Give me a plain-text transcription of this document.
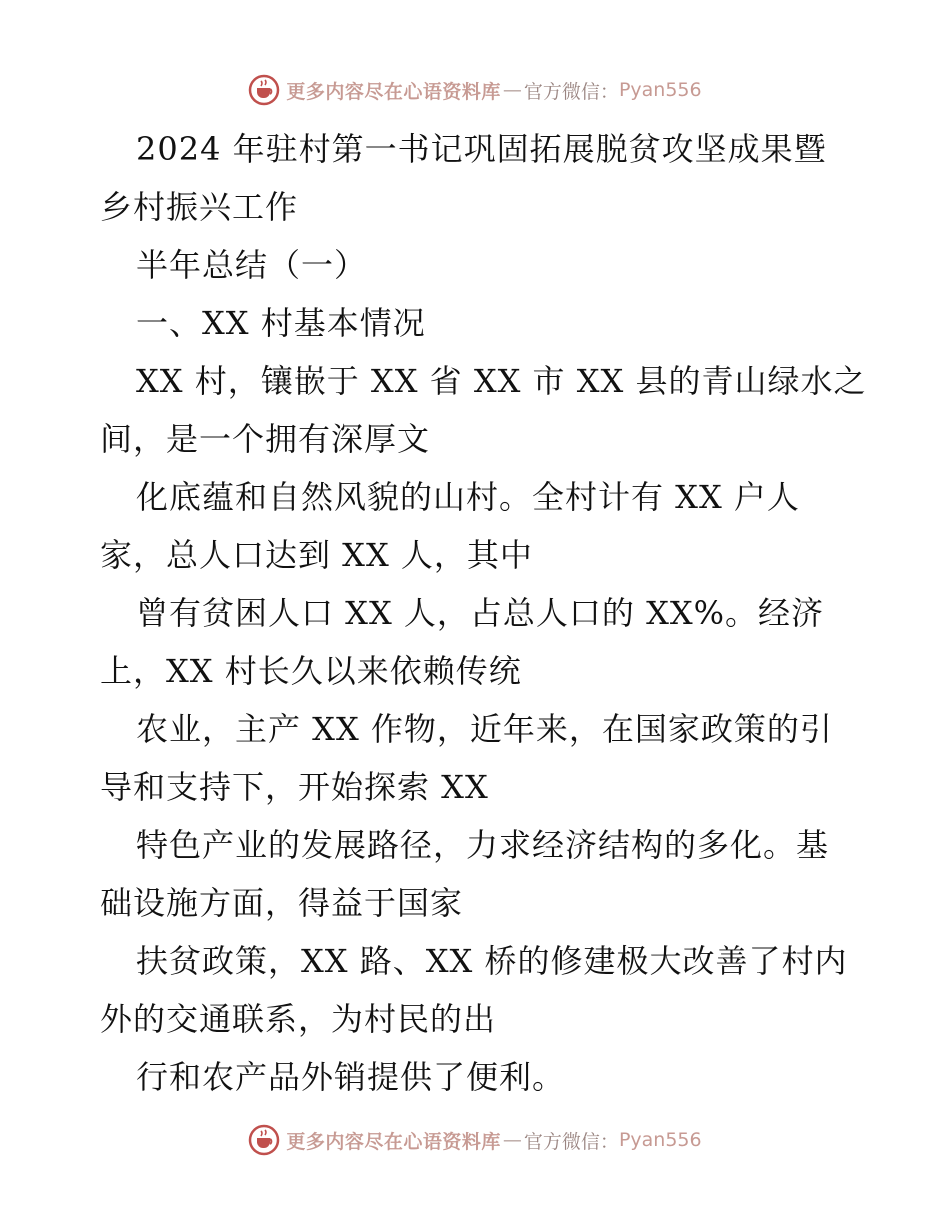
更多内容尽在心语资料库 — 官方微信： Pyan556
2024 年驻村第一书记巩固拓展脱贫攻坚成果暨
乡村振兴工作
半年总结（一）
一、XX 村基本情况
XX 村，镶嵌于 XX 省 XX 市 XX 县的青山绿水之
间，是一个拥有深厚文
化底蕴和自然风貌的山村。全村计有 XX 户人
家，总人口达到 XX 人，其中
曾有贫困人口 XX 人，占总人口的 XX%。经济
上，XX 村长久以来依赖传统
农业，主产 XX 作物，近年来，在国家政策的引
导和支持下，开始探索 XX
特色产业的发展路径，力求经济结构的多化。基
础设施方面，得益于国家
扶贫政策，XX 路、XX 桥的修建极大改善了村内
外的交通联系，为村民的出
行和农产品外销提供了便利。
更多内容尽在心语资料库 — 官方微信： Pyan556
